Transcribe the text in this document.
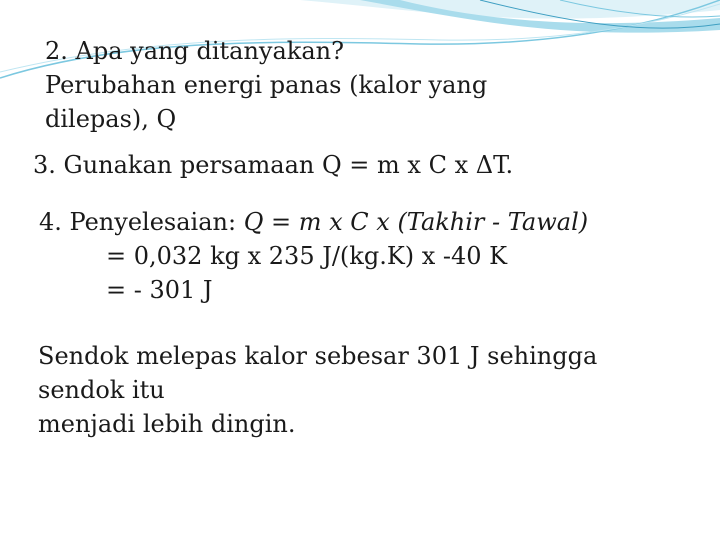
2. Apa yang ditanyakan?
Perubahan energi panas (kalor yang
dilepas), Q
3. Gunakan persamaan Q = m x C x ΔT.
4. Penyelesaian: Q = m x C x (Takhir - Tawal)
= 0,032 kg x 235 J/(kg.K) x -40 K
= - 301 J
Sendok melepas kalor sebesar 301 J sehingga
sendok itu
menjadi lebih dingin.
